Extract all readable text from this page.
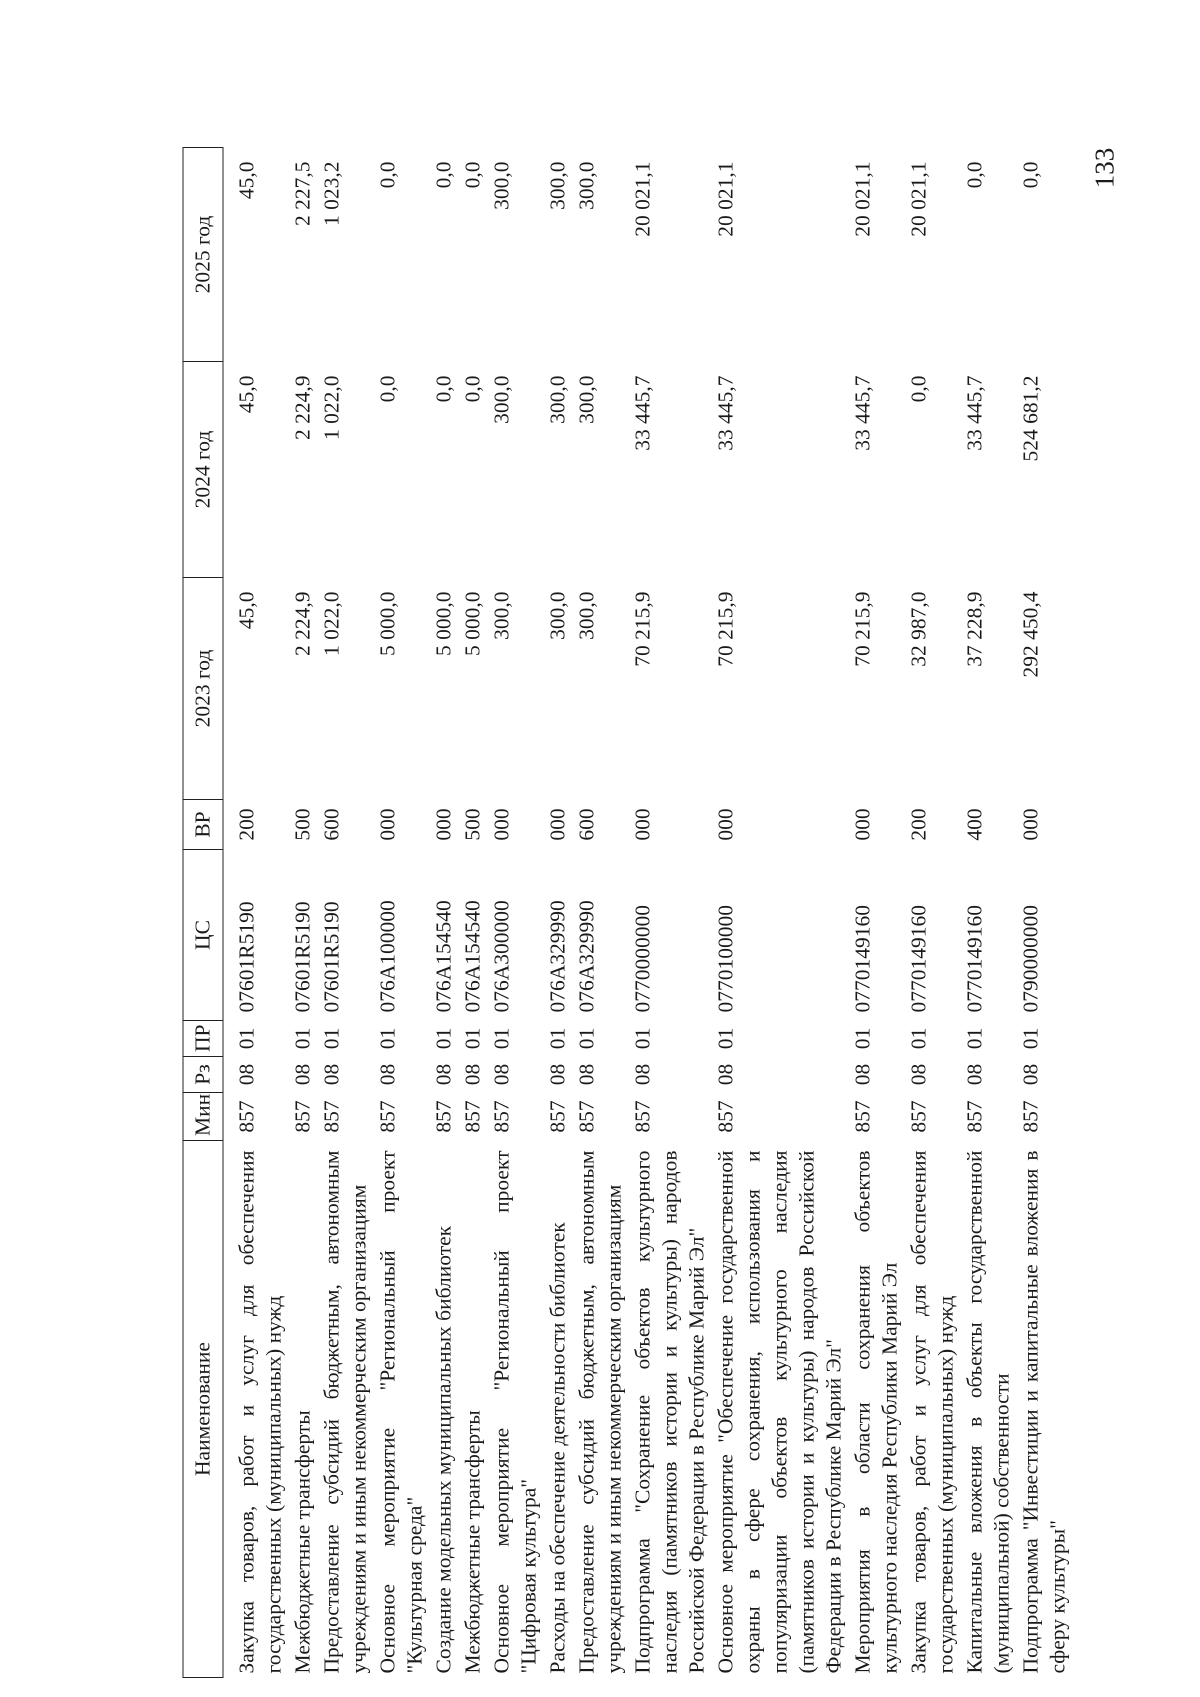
133
Наименование	Мин	Рз	ПР	ЦС	ВР	2023 год	2024 год	2025 год
Закупка товаров, работ и услуг для обеспечения государственных (муниципальных) нужд	857	08	01	07601R5190	200	45,0	45,0	45,0
Межбюджетные трансферты	857	08	01	07601R5190	500	2 224,9	2 224,9	2 227,5
Предоставление субсидий бюджетным, автономным учреждениям и иным некоммерческим организациям	857	08	01	07601R5190	600	1 022,0	1 022,0	1 023,2
Основное мероприятие "Региональный проект "Культурная среда"	857	08	01	076A100000	000	5 000,0	0,0	0,0
Создание модельных муниципальных библиотек	857	08	01	076A154540	000	5 000,0	0,0	0,0
Межбюджетные трансферты	857	08	01	076A154540	500	5 000,0	0,0	0,0
Основное мероприятие "Региональный проект "Цифровая культура"	857	08	01	076A300000	000	300,0	300,0	300,0
Расходы на обеспечение деятельности библиотек	857	08	01	076A329990	000	300,0	300,0	300,0
Предоставление субсидий бюджетным, автономным учреждениям и иным некоммерческим организациям	857	08	01	076A329990	600	300,0	300,0	300,0
Подпрограмма "Сохранение объектов культурного наследия (памятников истории и культуры) народов Российской Федерации в Республике Марий Эл"	857	08	01	0770000000	000	70 215,9	33 445,7	20 021,1
Основное мероприятие "Обеспечение государственной охраны в сфере сохранения, использования и популяризации объектов культурного наследия (памятников истории и культуры) народов Российской Федерации в Республике Марий Эл"	857	08	01	0770100000	000	70 215,9	33 445,7	20 021,1
Мероприятия в области сохранения объектов культурного наследия Республики Марий Эл	857	08	01	0770149160	000	70 215,9	33 445,7	20 021,1
Закупка товаров, работ и услуг для обеспечения государственных (муниципальных) нужд	857	08	01	0770149160	200	32 987,0	0,0	20 021,1
Капитальные вложения в объекты государственной (муниципальной) собственности	857	08	01	0770149160	400	37 228,9	33 445,7	0,0
Подпрограмма "Инвестиции и капитальные вложения в сферу культуры"	857	08	01	0790000000	000	292 450,4	524 681,2	0,0
